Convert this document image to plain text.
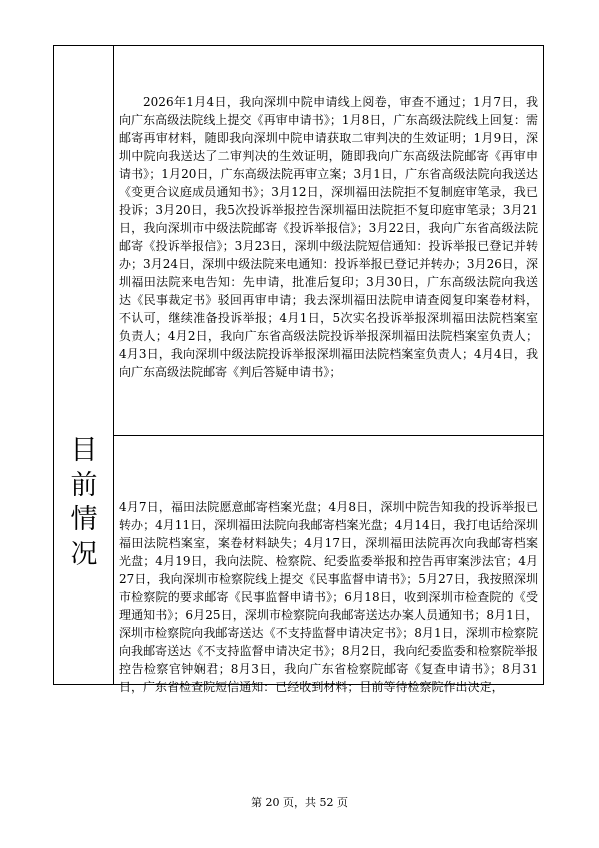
目
前
情
况
2026年1月4日，我向深圳中院申请线上阅卷，审查不通过；1月7日，我向广东高级法院线上提交《再审申请书》；1月8日，广东高级法院线上回复：需邮寄再审材料，随即我向深圳中院申请获取二审判决的生效证明；1月9日，深圳中院向我送达了二审判决的生效证明，随即我向广东高级法院邮寄《再审申请书》；1月20日，广东高级法院再审立案；3月1日，广东省高级法院向我送达《变更合议庭成员通知书》；3月12日，深圳福田法院拒不复制庭审笔录，我已投诉；3月20日，我5次投诉举报控告深圳福田法院拒不复印庭审笔录；3月21日，我向深圳市中级法院邮寄《投诉举报信》；3月22日，我向广东省高级法院邮寄《投诉举报信》；3月23日，深圳中级法院短信通知：投诉举报已登记并转办；3月24日，深圳中级法院来电通知：投诉举报已登记并转办；3月26日，深圳福田法院来电告知：先申请，批准后复印；3月30日，广东高级法院向我送达《民事裁定书》驳回再审申请；我去深圳福田法院申请查阅复印案卷材料，不认可，继续准备投诉举报；4月1日，5次实名投诉举报深圳福田法院档案室负责人；4月2日，我向广东省高级法院投诉举报深圳福田法院档案室负责人；4月3日，我向深圳中级法院投诉举报深圳福田法院档案室负责人；4月4日，我向广东高级法院邮寄《判后答疑申请书》；
4月7日，福田法院愿意邮寄档案光盘；4月8日，深圳中院告知我的投诉举报已转办；4月11日，深圳福田法院向我邮寄档案光盘；4月14日，我打电话给深圳福田法院档案室，案卷材料缺失；4月17日，深圳福田法院再次向我邮寄档案光盘；4月19日，我向法院、检察院、纪委监委举报和控告再审案涉法官；4月27日，我向深圳市检察院线上提交《民事监督申请书》；5月27日，我按照深圳市检察院的要求邮寄《民事监督申请书》；6月18日，收到深圳市检查院的《受理通知书》；6月25日，深圳市检察院向我邮寄送达办案人员通知书；8月1日，深圳市检察院向我邮寄送达《不支持监督申请决定书》；8月1日，深圳市检察院向我邮寄送达《不支持监督申请决定书》；8月2日，我向纪委监委和检察院举报控告检察官钟娴君；8月3日，我向广东省检察院邮寄《复查申请书》；8月31日，广东省检查院短信通知：已经收到材料；目前等待检察院作出决定，
第 20 页，共 52 页
